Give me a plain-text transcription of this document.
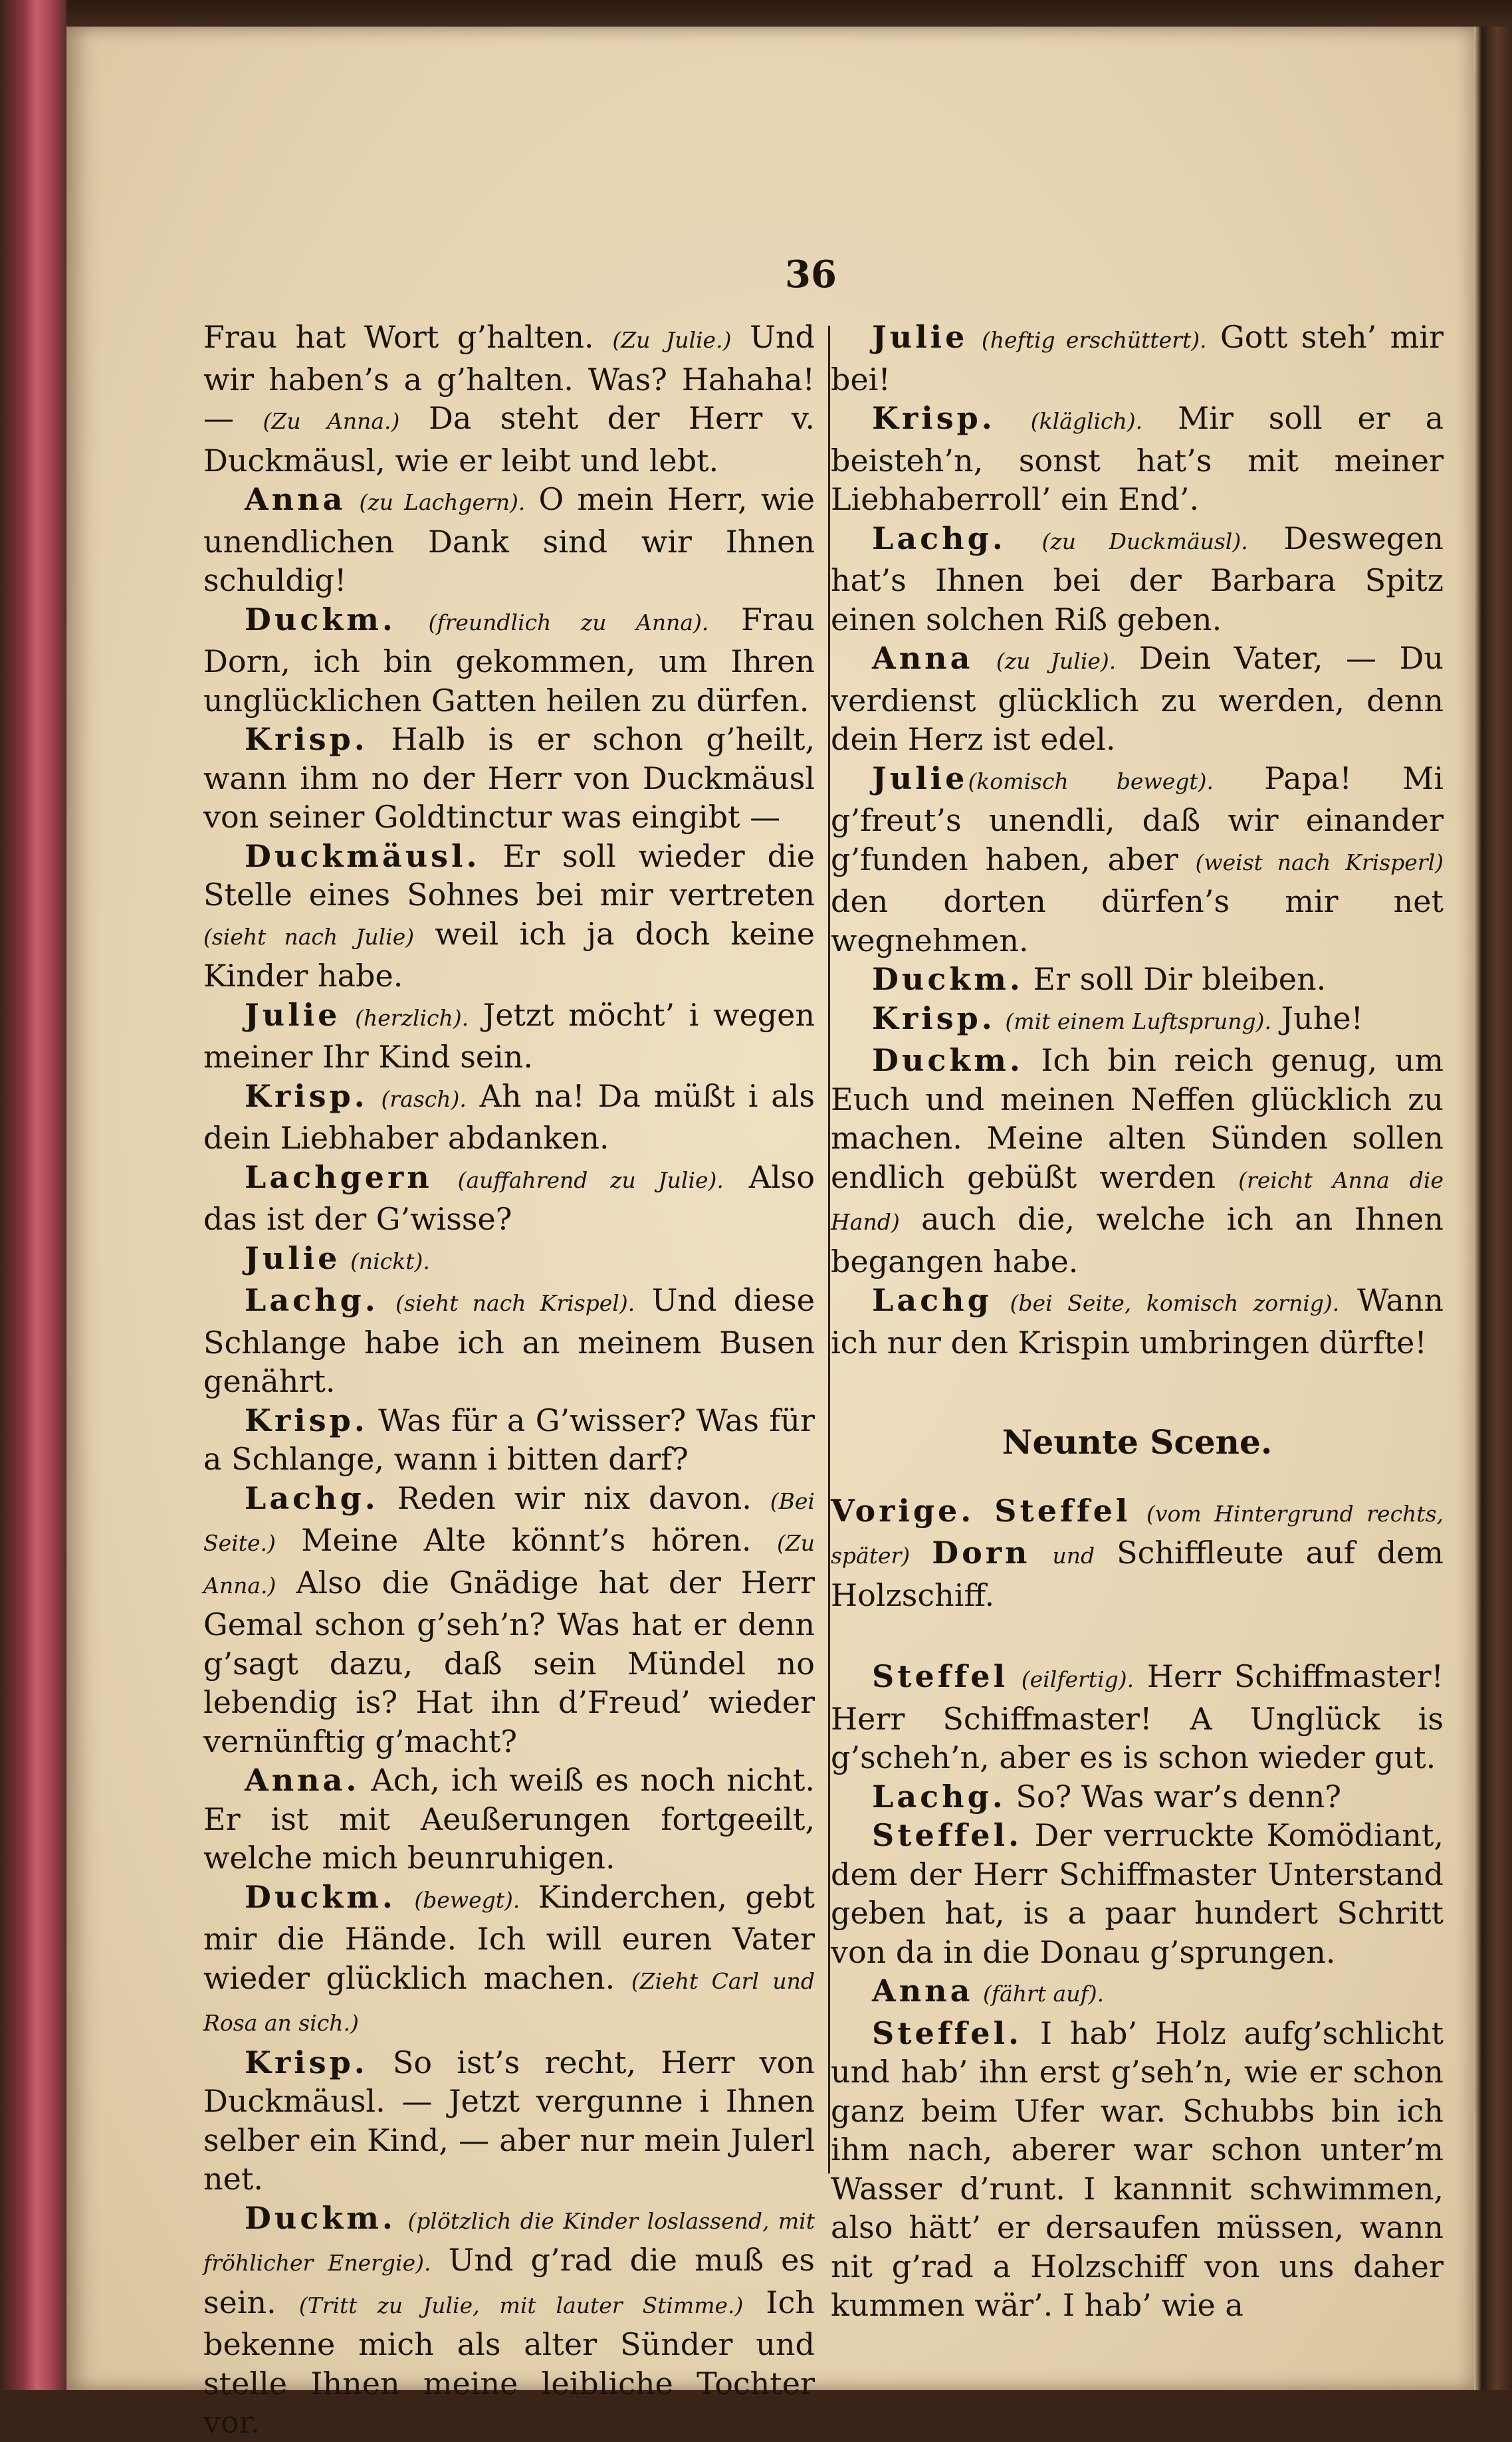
36

Frau hat Wort g’halten. (Zu Julie.) Und wir haben’s a g’halten. Was? Hahaha! — (Zu Anna.) Da steht der Herr v. Duckmäusl, wie er leibt und lebt.

Anna (zu Lachgern). O mein Herr, wie unendlichen Dank sind wir Ihnen schuldig!

Duckm. (freundlich zu Anna). Frau Dorn, ich bin gekommen, um Ihren unglücklichen Gatten heilen zu dürfen.

Krisp. Halb is er schon g’heilt, wann ihm no der Herr von Duckmäusl von seiner Goldtinctur was eingibt —

Duckmäusl. Er soll wieder die Stelle eines Sohnes bei mir vertreten (sieht nach Julie) weil ich ja doch keine Kinder habe.

Julie (herzlich). Jetzt möcht’ i wegen meiner Ihr Kind sein.

Krisp. (rasch). Ah na! Da müßt i als dein Liebhaber abdanken.

Lachgern (auffahrend zu Julie). Also das ist der G’wisse?

Julie (nickt).

Lachg. (sieht nach Krispel). Und diese Schlange habe ich an meinem Busen genährt.

Krisp. Was für a G’wisser? Was für a Schlange, wann i bitten darf?

Lachg. Reden wir nix davon. (Bei Seite.) Meine Alte könnt’s hören. (Zu Anna.) Also die Gnädige hat der Herr Gemal schon g’seh’n? Was hat er denn g’sagt dazu, daß sein Mündel no lebendig is? Hat ihn d’Freud’ wieder vernünftig g’macht?

Anna. Ach, ich weiß es noch nicht. Er ist mit Aeußerungen fortgeeilt, welche mich beunruhigen.

Duckm. (bewegt). Kinderchen, gebt mir die Hände. Ich will euren Vater wieder glücklich machen. (Zieht Carl und Rosa an sich.)

Krisp. So ist’s recht, Herr von Duckmäusl. — Jetzt vergunne i Ihnen selber ein Kind, — aber nur mein Julerl net.

Duckm. (plötzlich die Kinder loslassend, mit fröhlicher Energie). Und g’rad die muß es sein. (Tritt zu Julie, mit lauter Stimme.) Ich bekenne mich als alter Sünder und stelle Ihnen meine leibliche Tochter vor.

Julie (heftig erschüttert). Gott steh’ mir bei!

Krisp. (kläglich). Mir soll er a beisteh’n, sonst hat’s mit meiner Liebhaberroll’ ein End’.

Lachg. (zu Duckmäusl). Deswegen hat’s Ihnen bei der Barbara Spitz einen solchen Riß geben.

Anna (zu Julie). Dein Vater, — Du verdienst glücklich zu werden, denn dein Herz ist edel.

Julie(komisch bewegt). Papa! Mi g’freut’s unendli, daß wir einander g’funden haben, aber (weist nach Krisperl) den dorten dürfen’s mir net wegnehmen.

Duckm. Er soll Dir bleiben.

Krisp. (mit einem Luftsprung). Juhe!

Duckm. Ich bin reich genug, um Euch und meinen Neffen glücklich zu machen. Meine alten Sünden sollen endlich gebüßt werden (reicht Anna die Hand) auch die, welche ich an Ihnen begangen habe.

Lachg (bei Seite, komisch zornig). Wann ich nur den Krispin umbringen dürfte!

Neunte Scene.
Vorige. Steffel (vom Hintergrund rechts, später) Dorn und Schiffleute auf dem Holzschiff.

Steffel (eilfertig). Herr Schiffmaster! Herr Schiffmaster! A Unglück is g’scheh’n, aber es is schon wieder gut.

Lachg. So? Was war’s denn?

Steffel. Der verruckte Komödiant, dem der Herr Schiffmaster Unterstand geben hat, is a paar hundert Schritt von da in die Donau g’sprungen.

Anna (fährt auf).

Steffel. I hab’ Holz aufg’schlicht und hab’ ihn erst g’seh’n, wie er schon ganz beim Ufer war. Schubbs bin ich ihm nach, aberer war schon unter’m Wasser d’runt. I kannnit schwimmen, also hätt’ er dersaufen müssen, wann nit g’rad a Holzschiff von uns daher kummen wär’. I hab’ wie a
